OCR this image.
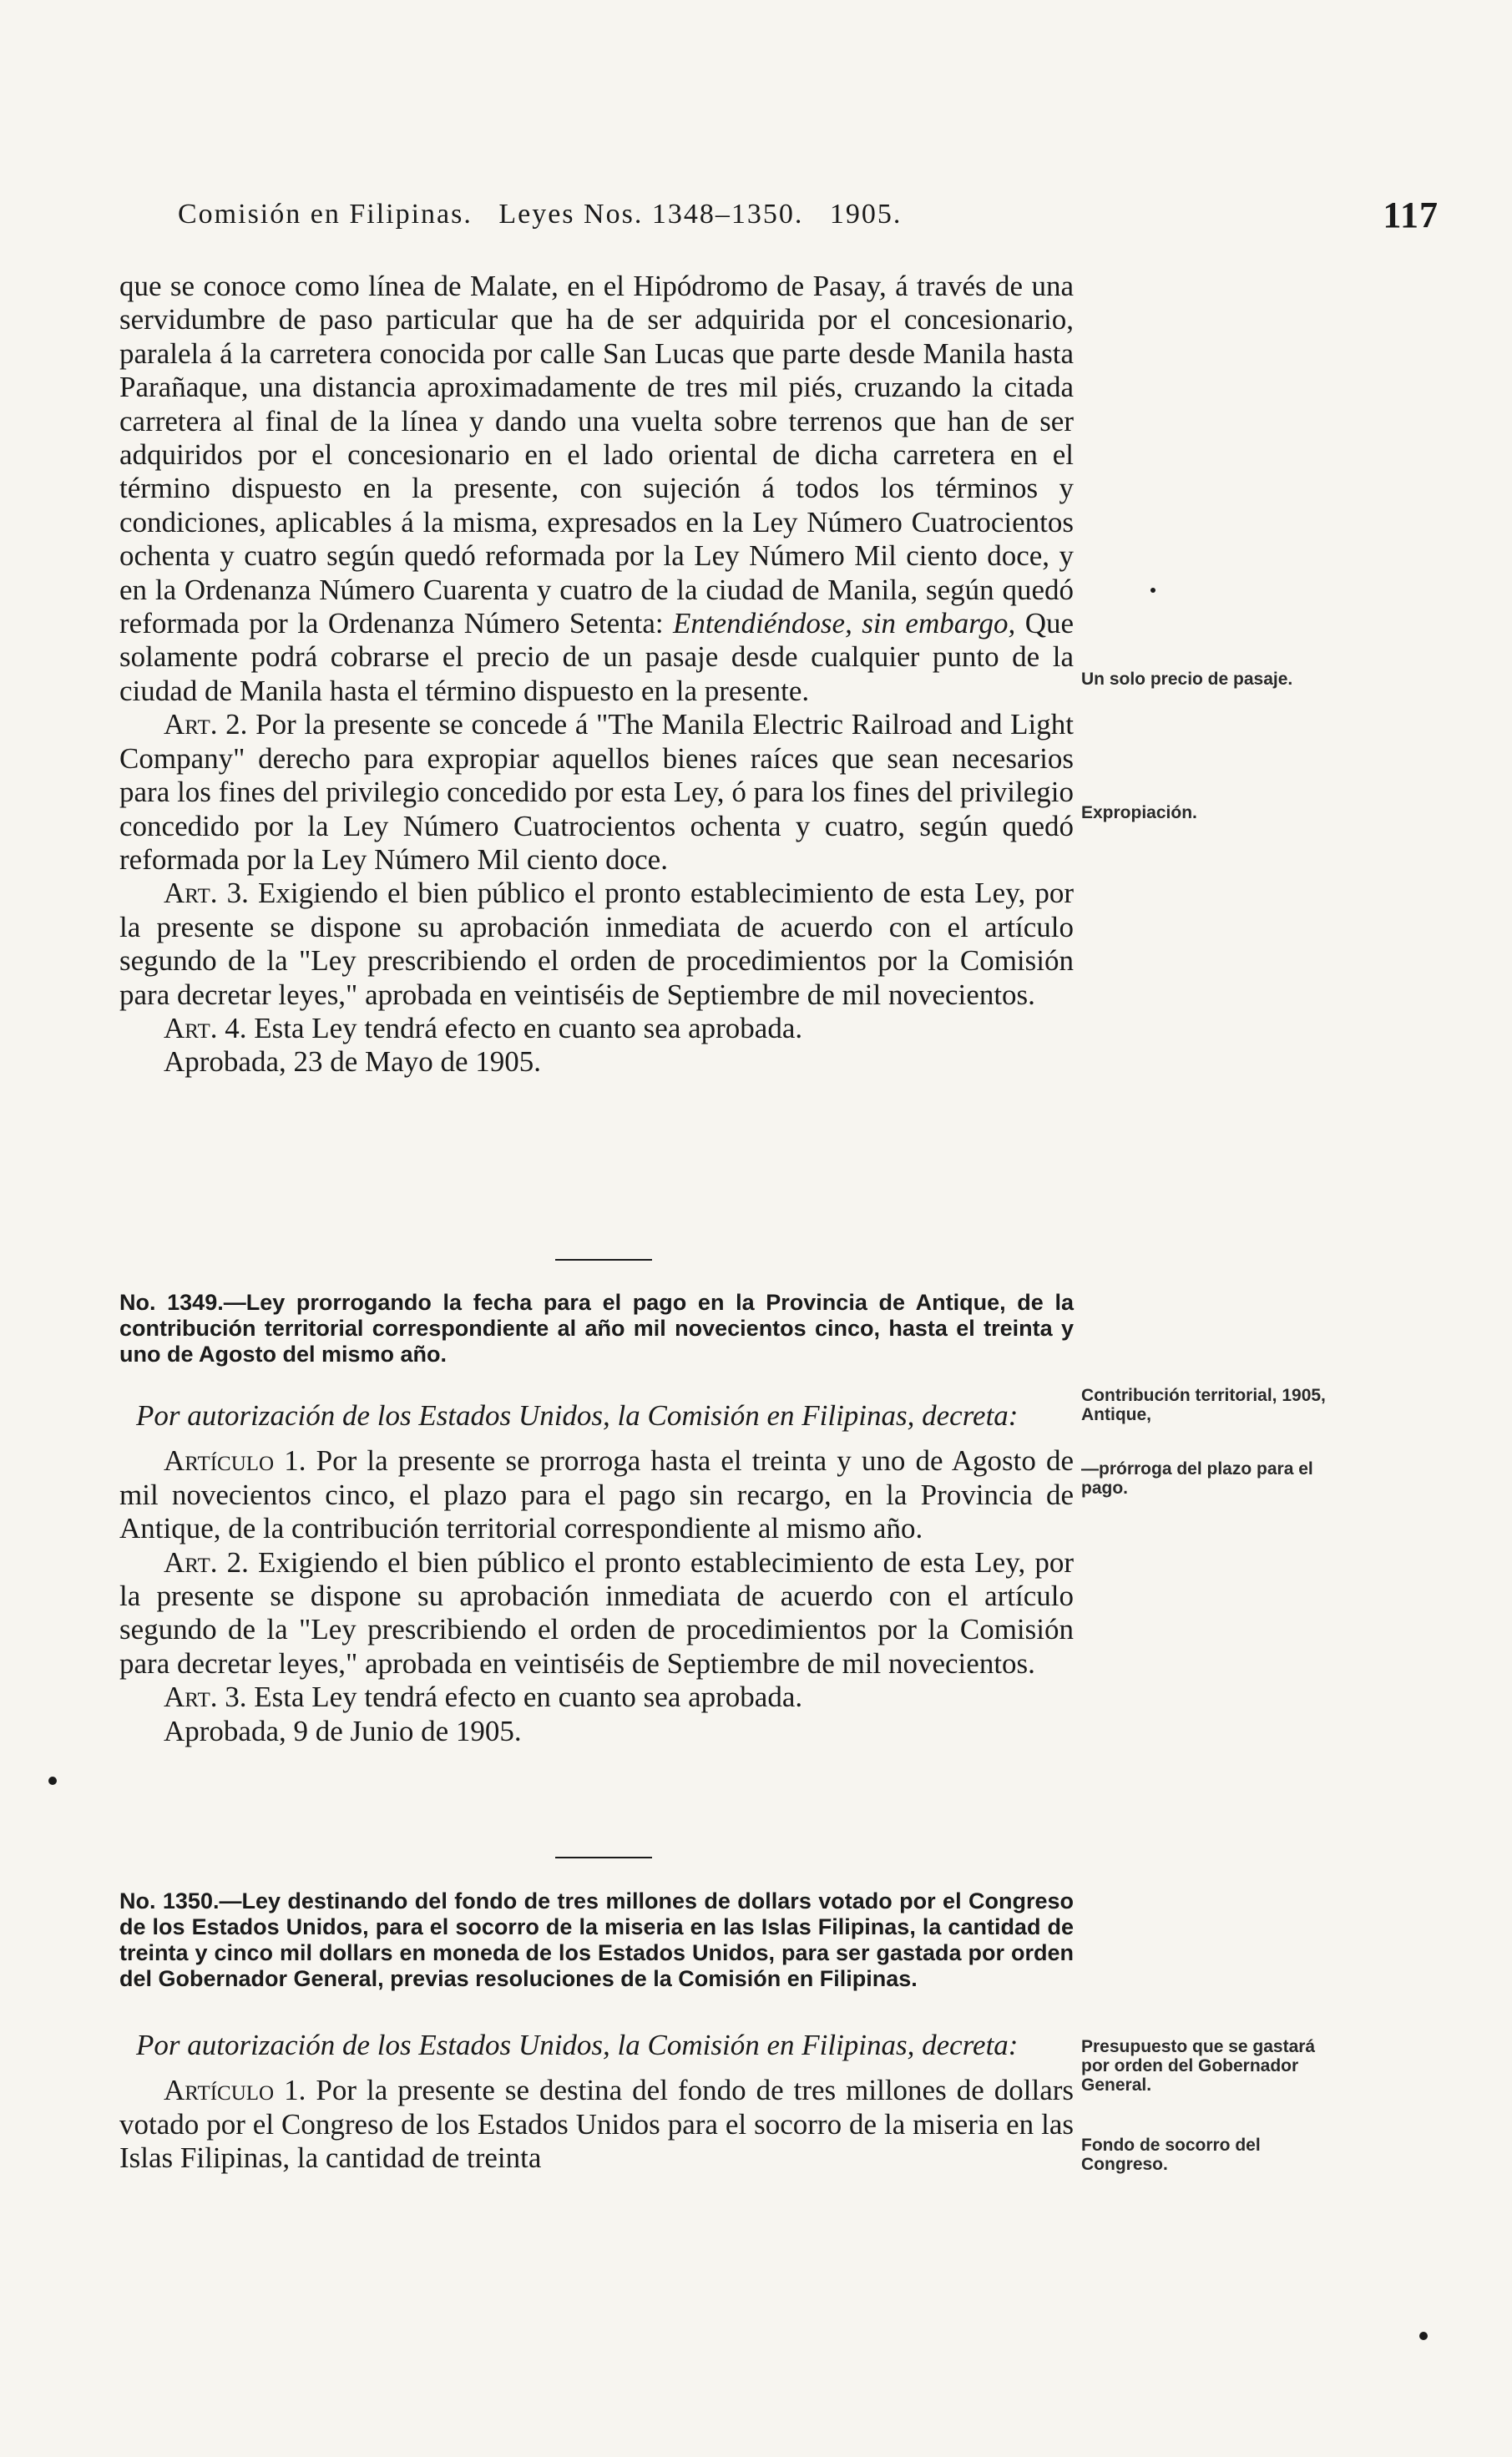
Comisión en Filipinas.   Leyes Nos. 1348–1350.   1905.	117

que se conoce como línea de Malate, en el Hipódromo de Pasay, á través de una servidumbre de paso particular que ha de ser adquirida por el concesionario, paralela á la carretera conocida por calle San Lucas que parte desde Manila hasta Parañaque, una distancia aproximadamente de tres mil piés, cruzando la citada carretera al final de la línea y dando una vuelta sobre terrenos que han de ser adquiridos por el concesionario en el lado oriental de dicha carretera en el término dispuesto en la presente, con sujeción á todos los términos y condiciones, aplicables á la misma, expresados en la Ley Número Cuatrocientos ochenta y cuatro según quedó reformada por la Ley Número Mil ciento doce, y en la Ordenanza Número Cuarenta y cuatro de la ciudad de Manila, según quedó reformada por la Ordenanza Número Setenta: Entendiéndose, sin embargo, Que solamente podrá cobrarse el precio de un pasaje desde cualquier punto de la ciudad de Manila hasta el término dispuesto en la presente.

Art. 2. Por la presente se concede á "The Manila Electric Railroad and Light Company" derecho para expropiar aquellos bienes raíces que sean necesarios para los fines del privilegio concedido por esta Ley, ó para los fines del privilegio concedido por la Ley Número Cuatrocientos ochenta y cuatro, según quedó reformada por la Ley Número Mil ciento doce.

Art. 3. Exigiendo el bien público el pronto establecimiento de esta Ley, por la presente se dispone su aprobación inmediata de acuerdo con el artículo segundo de la "Ley prescribiendo el orden de procedimientos por la Comisión para decretar leyes," aprobada en veintiséis de Septiembre de mil novecientos.

Art. 4. Esta Ley tendrá efecto en cuanto sea aprobada.

Aprobada, 23 de Mayo de 1905.

No. 1349.—Ley prorrogando la fecha para el pago en la Provincia de Antique, de la contribución territorial correspondiente al año mil novecientos cinco, hasta el treinta y uno de Agosto del mismo año.

Por autorización de los Estados Unidos, la Comisión en Filipinas, decreta:

Artículo 1. Por la presente se prorroga hasta el treinta y uno de Agosto de mil novecientos cinco, el plazo para el pago sin recargo, en la Provincia de Antique, de la contribución territorial correspondiente al mismo año.

Art. 2. Exigiendo el bien público el pronto establecimiento de esta Ley, por la presente se dispone su aprobación inmediata de acuerdo con el artículo segundo de la "Ley prescribiendo el orden de procedimientos por la Comisión para decretar leyes," aprobada en veintiséis de Septiembre de mil novecientos.

Art. 3. Esta Ley tendrá efecto en cuanto sea aprobada.

Aprobada, 9 de Junio de 1905.

No. 1350.—Ley destinando del fondo de tres millones de dollars votado por el Congreso de los Estados Unidos, para el socorro de la miseria en las Islas Filipinas, la cantidad de treinta y cinco mil dollars en moneda de los Estados Unidos, para ser gastada por orden del Gobernador General, previas resoluciones de la Comisión en Filipinas.

Por autorización de los Estados Unidos, la Comisión en Filipinas, decreta:

Artículo 1. Por la presente se destina del fondo de tres millones de dollars votado por el Congreso de los Estados Unidos para el socorro de la miseria en las Islas Filipinas, la cantidad de treinta

Un solo precio de pasaje.
Expropiación.
Contribución territorial, 1905, Antique,
—prórroga del plazo para el pago.
Presupuesto que se gastará por orden del Gobernador General.
Fondo de socorro del Congreso.
